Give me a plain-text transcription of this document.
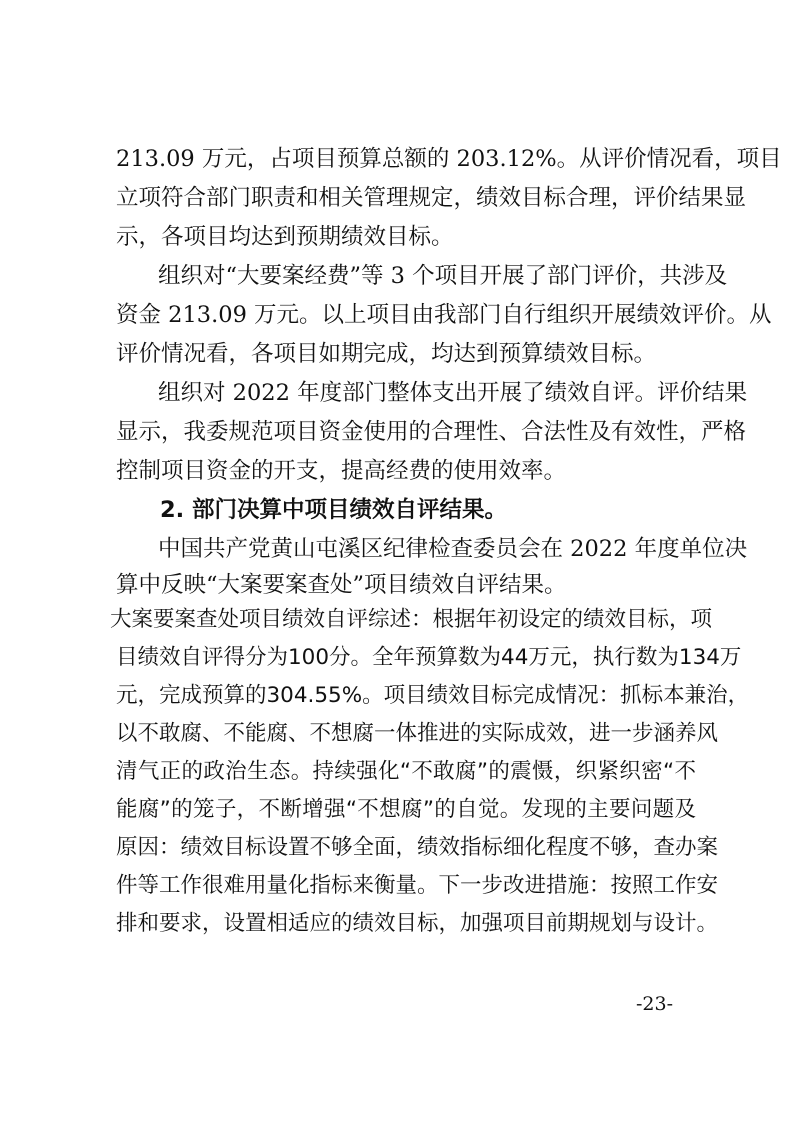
213.09 万元，占项目预算总额的 203.12%。从评价情况看，项目
立项符合部门职责和相关管理规定，绩效目标合理，评价结果显
示，各项目均达到预期绩效目标。
组织对“大要案经费”等 3 个项目开展了部门评价，共涉及
资金 213.09 万元。以上项目由我部门自行组织开展绩效评价。从
评价情况看，各项目如期完成，均达到预算绩效目标。
组织对 2022 年度部门整体支出开展了绩效自评。评价结果
显示，我委规范项目资金使用的合理性、合法性及有效性，严格
控制项目资金的开支，提高经费的使用效率。
2. 部门决算中项目绩效自评结果。
中国共产党黄山屯溪区纪律检查委员会在 2022 年度单位决
算中反映“大案要案查处”项目绩效自评结果。
大案要案查处项目绩效自评综述：根据年初设定的绩效目标，项
目绩效自评得分为100分。全年预算数为44万元，执行数为134万
元，完成预算的304.55%。项目绩效目标完成情况：抓标本兼治，
以不敢腐、不能腐、不想腐一体推进的实际成效，进一步涵养风
清气正的政治生态。持续强化“不敢腐”的震慑，织紧织密“不
能腐”的笼子，不断增强“不想腐”的自觉。发现的主要问题及
原因：绩效目标设置不够全面，绩效指标细化程度不够，查办案
件等工作很难用量化指标来衡量。下一步改进措施：按照工作安
排和要求，设置相适应的绩效目标，加强项目前期规划与设计。
-23-
